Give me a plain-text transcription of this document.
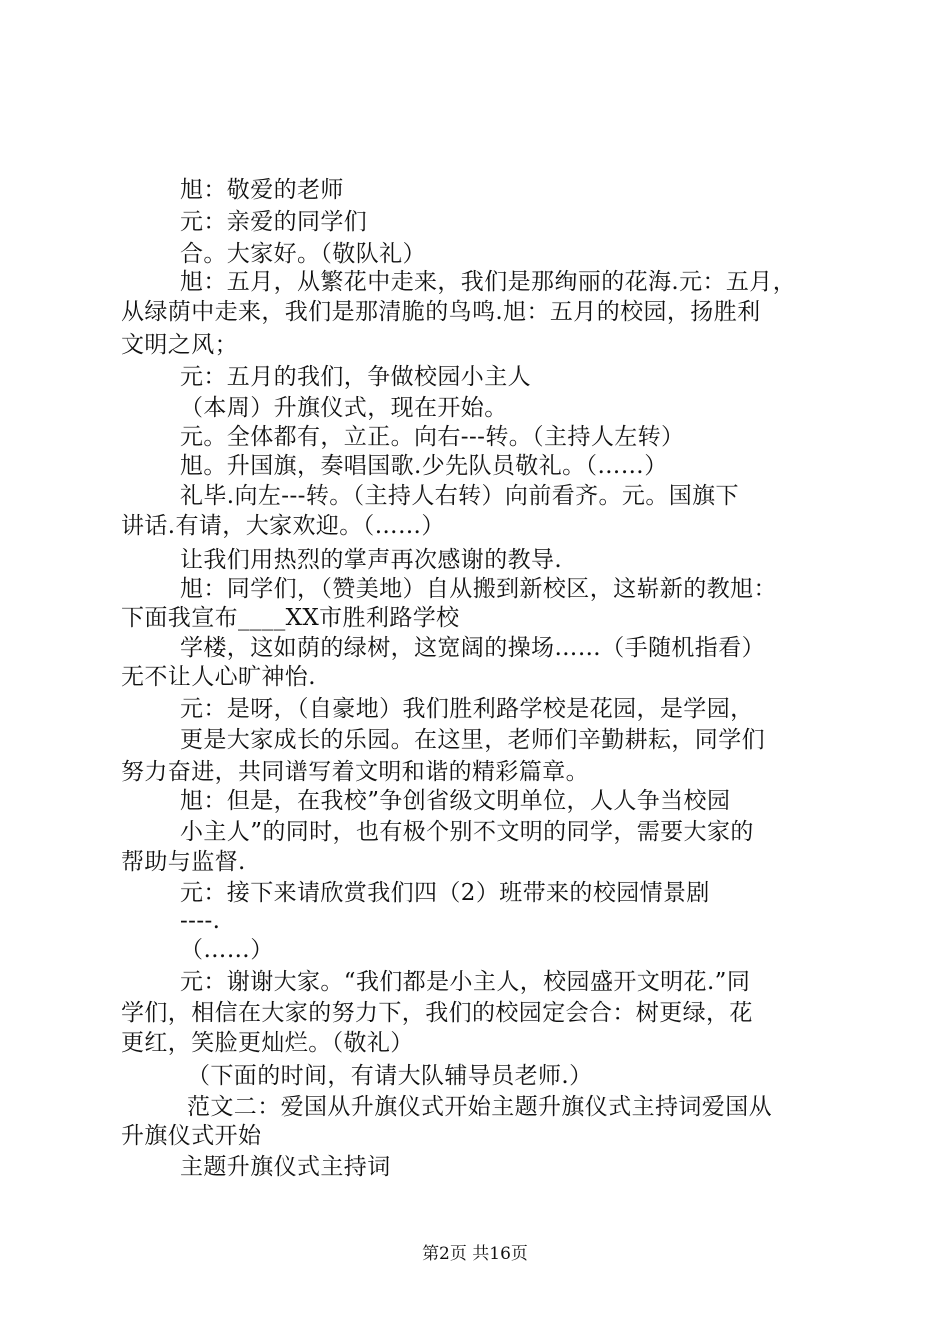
旭：敬爱的老师
元：亲爱的同学们
合。大家好。（敬队礼）
旭：五月，从繁花中走来，我们是那绚丽的花海.元：五月，
从绿荫中走来，我们是那清脆的鸟鸣.旭：五月的校园，扬胜利
文明之风；
元：五月的我们，争做校园小主人
（本周）升旗仪式，现在开始。
元。全体都有，立正。向右---转。（主持人左转）
旭。升国旗，奏唱国歌.少先队员敬礼。（……）
礼毕.向左---转。（主持人右转）向前看齐。元。国旗下
讲话.有请，大家欢迎。（……）
让我们用热烈的掌声再次感谢的教导.
旭：同学们，（赞美地）自从搬到新校区，这崭新的教旭：
下面我宣布____XX市胜利路学校
学楼，这如荫的绿树，这宽阔的操场……（手随机指看）
无不让人心旷神怡.
元：是呀，（自豪地）我们胜利路学校是花园，是学园，
更是大家成长的乐园。在这里，老师们辛勤耕耘，同学们
努力奋进，共同谱写着文明和谐的精彩篇章。
旭：但是，在我校”争创省级文明单位，人人争当校园
小主人”的同时，也有极个别不文明的同学，需要大家的
帮助与监督.
元：接下来请欣赏我们四（2）班带来的校园情景剧
----.
（……）
元：谢谢大家。“我们都是小主人，校园盛开文明花.”同
学们，相信在大家的努力下，我们的校园定会合：树更绿，花
更红，笑脸更灿烂。（敬礼）
（下面的时间，有请大队辅导员老师.）
范文二：爱国从升旗仪式开始主题升旗仪式主持词爱国从
升旗仪式开始
主题升旗仪式主持词
第2页 共16页
